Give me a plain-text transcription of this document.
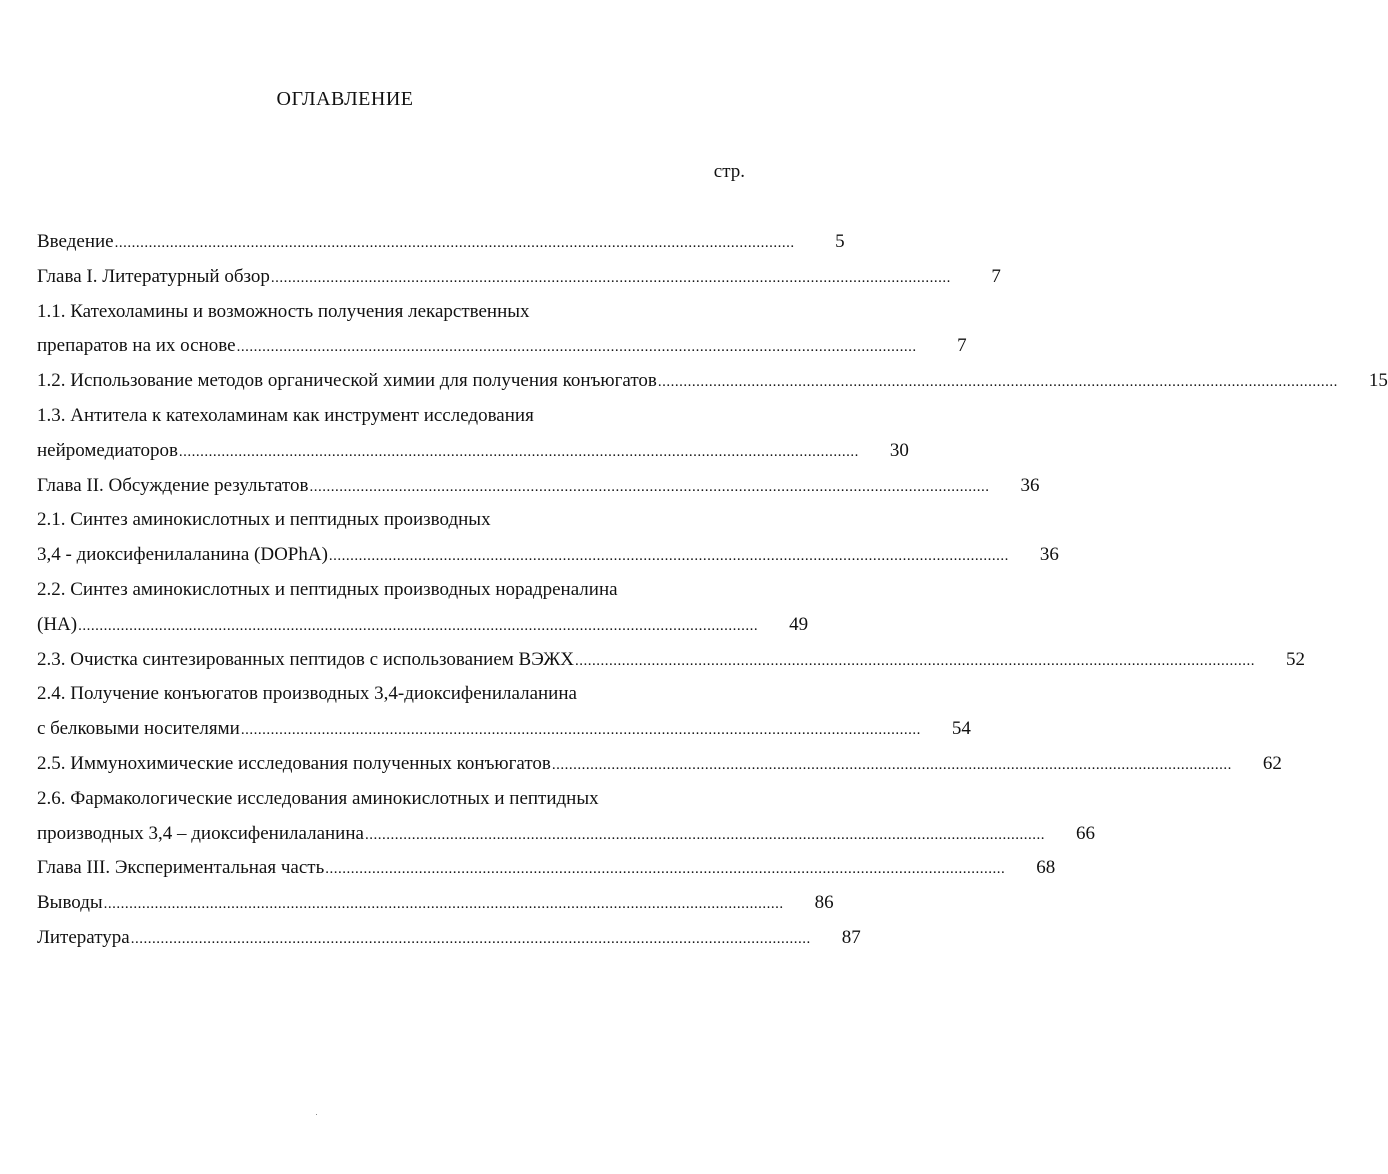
ОГЛАВЛЕНИЕ
стр.
Введение ................................................................................................................................................................	5
Глава I. Литературный обзор ................................................................................................................................................................	7
1.1. Катехоламины и возможность получения лекарственных
препаратов на их основе ................................................................................................................................................................	7
1.2. Использование методов органической химии для получения конъюгатов ................................................................................................................................................................	15
1.3. Антитела к катехоламинам как инструмент исследования
нейромедиаторов ................................................................................................................................................................	30
Глава II. Обсуждение результатов ................................................................................................................................................................	36
2.1. Синтез аминокислотных и пептидных производных
3,4 - диоксифенилаланина (DOPhA) ................................................................................................................................................................	36
2.2. Синтез аминокислотных и пептидных производных норадреналина
(НА) ................................................................................................................................................................	49
2.3. Очистка синтезированных пептидов с использованием ВЭЖХ ................................................................................................................................................................	52
2.4. Получение конъюгатов производных 3,4-диоксифенилаланина
с белковыми носителями ................................................................................................................................................................	54
2.5. Иммунохимические исследования полученных конъюгатов ................................................................................................................................................................	62
2.6. Фармакологические исследования аминокислотных и пептидных
производных 3,4 – диоксифенилаланина ................................................................................................................................................................	66
Глава III. Экспериментальная часть ................................................................................................................................................................	68
Выводы ................................................................................................................................................................	86
Литература ................................................................................................................................................................	87
